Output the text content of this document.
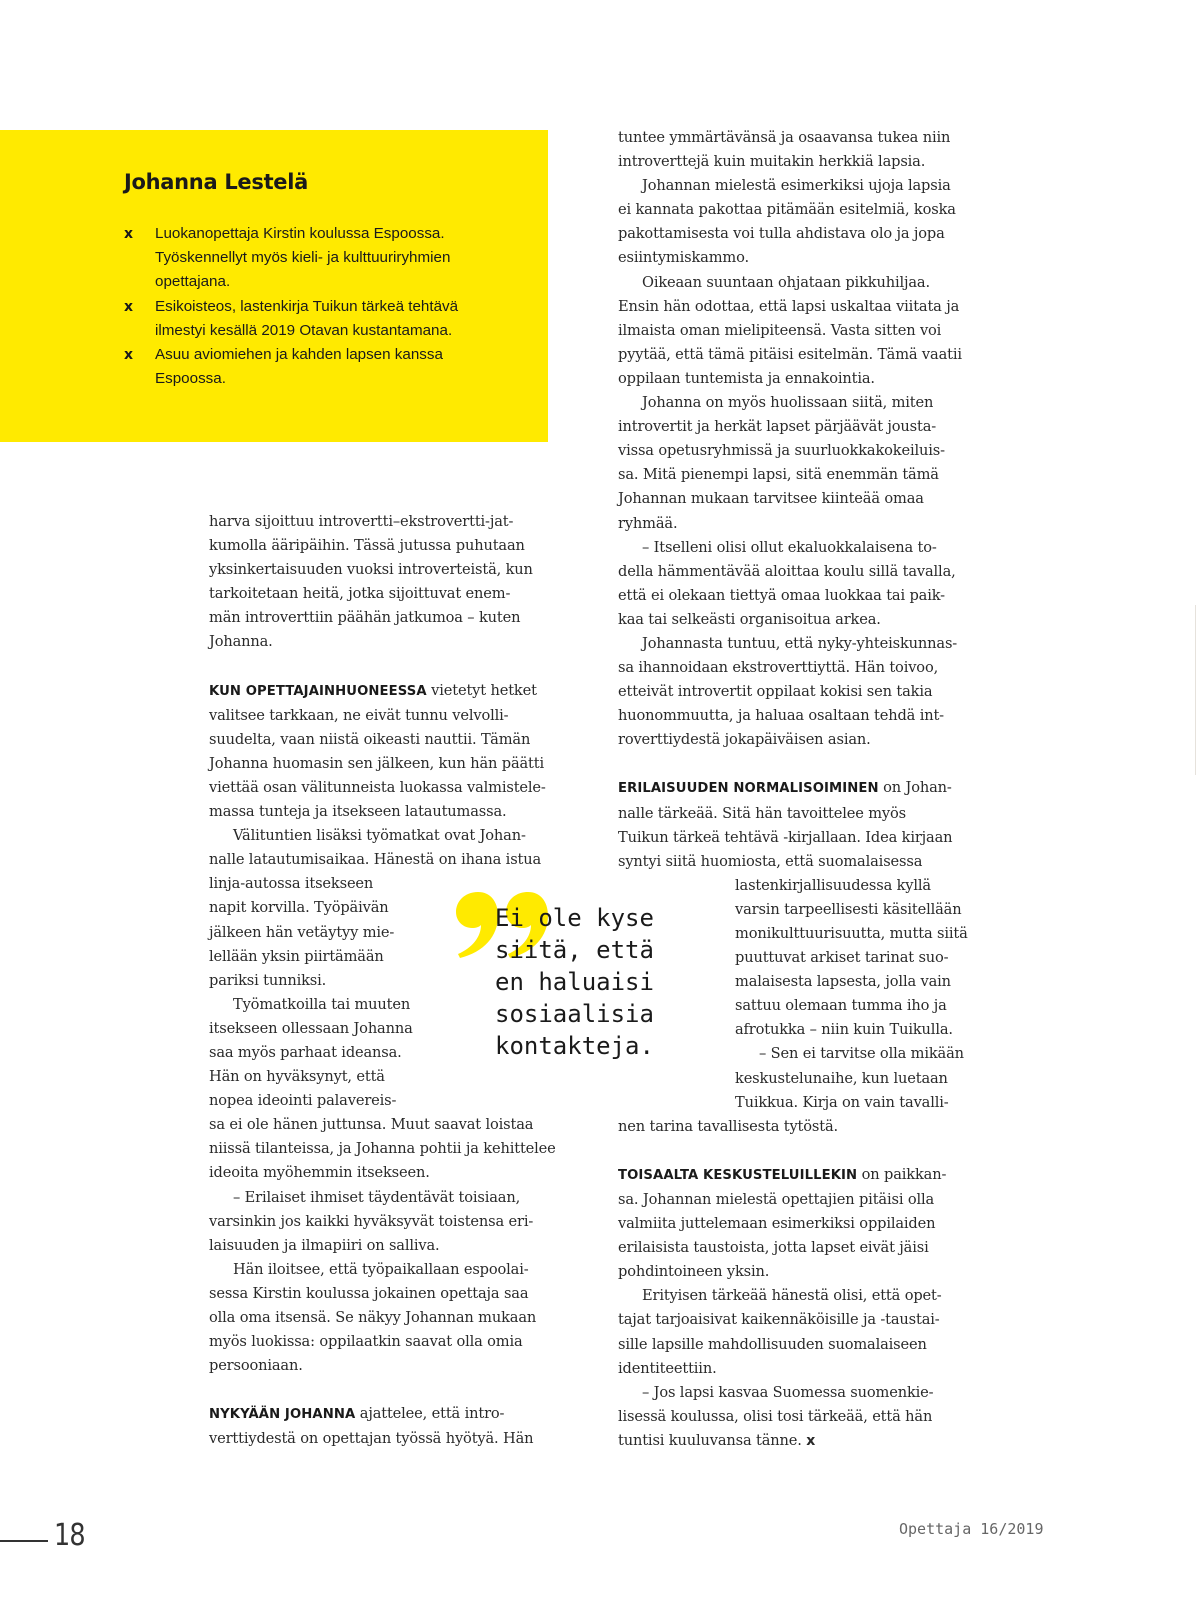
Johanna Lestelä
x Luokanopettaja Kirstin koulussa Espoossa.
Työskennellyt myös kieli- ja kulttuuriryhmien
opettajana.
x Esikoisteos, lastenkirja Tuikun tärkeä tehtävä
ilmestyi kesällä 2019 Otavan kustantamana.
x Asuu aviomiehen ja kahden lapsen kanssa
Espoossa.

harva sijoittuu introvertti–ekstrovertti-jat-
kumolla ääripäihin. Tässä jutussa puhutaan
yksinkertaisuuden vuoksi introverteistä, kun
tarkoitetaan heitä, jotka sijoittuvat enem-
män introverttiin päähän jatkumoa – kuten
Johanna.

KUN OPETTAJAINHUONEESSA vietetyt hetket
valitsee tarkkaan, ne eivät tunnu velvolli-
suudelta, vaan niistä oikeasti nauttii. Tämän
Johanna huomasin sen jälkeen, kun hän päätti
viettää osan välitunneista luokassa valmistele-
massa tunteja ja itsekseen latautumassa.

Välituntien lisäksi työmatkat ovat Johan-
nalle latautumisaikaa. Hänestä on ihana istua
linja-autossa itsekseen
napit korvilla. Työpäivän
jälkeen hän vetäytyy mie-
lellään yksin piirtämään
pariksi tunniksi.

Työmatkoilla tai muuten
itsekseen ollessaan Johanna
saa myös parhaat ideansa.
Hän on hyväksynyt, että
nopea ideointi palavereis-
sa ei ole hänen juttunsa. Muut saavat loistaa
niissä tilanteissa, ja Johanna pohtii ja kehittelee
ideoita myöhemmin itsekseen.

– Erilaiset ihmiset täydentävät toisiaan,
varsinkin jos kaikki hyväksyvät toistensa eri-
laisuuden ja ilmapiiri on salliva.

Hän iloitsee, että työpaikallaan espoolai-
sessa Kirstin koulussa jokainen opettaja saa
olla oma itsensä. Se näkyy Johannan mukaan
myös luokissa: oppilaatkin saavat olla omia
persooniaan.

NYKYÄÄN JOHANNA ajattelee, että intro-
verttiydestä on opettajan työssä hyötyä. Hän

Ei ole kyse
siitä, että
en haluaisi
sosiaalisia
kontakteja.

tuntee ymmärtävänsä ja osaavansa tukea niin
introverttejä kuin muitakin herkkiä lapsia.

Johannan mielestä esimerkiksi ujoja lapsia
ei kannata pakottaa pitämään esitelmiä, koska
pakottamisesta voi tulla ahdistava olo ja jopa
esiintymiskammo.

Oikeaan suuntaan ohjataan pikkuhiljaa.
Ensin hän odottaa, että lapsi uskaltaa viitata ja
ilmaista oman mielipiteensä. Vasta sitten voi
pyytää, että tämä pitäisi esitelmän. Tämä vaatii
oppilaan tuntemista ja ennakointia.

Johanna on myös huolissaan siitä, miten
introvertit ja herkät lapset pärjäävät jousta-
vissa opetusryhmissä ja suurluokkakokeiluis-
sa. Mitä pienempi lapsi, sitä enemmän tämä
Johannan mukaan tarvitsee kiinteää omaa
ryhmää.

– Itselleni olisi ollut ekaluokkalaisena to-
della hämmentävää aloittaa koulu sillä tavalla,
että ei olekaan tiettyä omaa luokkaa tai paik-
kaa tai selkeästi organisoitua arkea.

Johannasta tuntuu, että nyky-yhteiskunnas-
sa ihannoidaan ekstroverttiyttä. Hän toivoo,
etteivät introvertit oppilaat kokisi sen takia
huonommuutta, ja haluaa osaltaan tehdä int-
roverttiydestä jokapäiväisen asian.

ERILAISUUDEN NORMALISOIMINEN on Johan-
nalle tärkeää. Sitä hän tavoittelee myös
Tuikun tärkeä tehtävä -kirjallaan. Idea kirjaan
syntyi siitä huomiosta, että suomalaisessa
lastenkirjallisuudessa kyllä
varsin tarpeellisesti käsitellään
monikulttuurisuutta, mutta siitä
puuttuvat arkiset tarinat suo-
malaisesta lapsesta, jolla vain
sattuu olemaan tumma iho ja
afrotukka – niin kuin Tuikulla.

– Sen ei tarvitse olla mikään
keskustelunaihe, kun luetaan
Tuikkua. Kirja on vain tavalli-
nen tarina tavallisesta tytöstä.

TOISAALTA KESKUSTELUILLEKIN on paikkan-
sa. Johannan mielestä opettajien pitäisi olla
valmiita juttelemaan esimerkiksi oppilaiden
erilaisista taustoista, jotta lapset eivät jäisi
pohdintoineen yksin.

Erityisen tärkeää hänestä olisi, että opet-
tajat tarjoaisivat kaikennäköisille ja -taustai-
sille lapsille mahdollisuuden suomalaiseen
identiteettiin.

– Jos lapsi kasvaa Suomessa suomenkie-
lisessä koulussa, olisi tosi tärkeää, että hän
tuntisi kuuluvansa tänne. x

18	Opettaja 16/2019
